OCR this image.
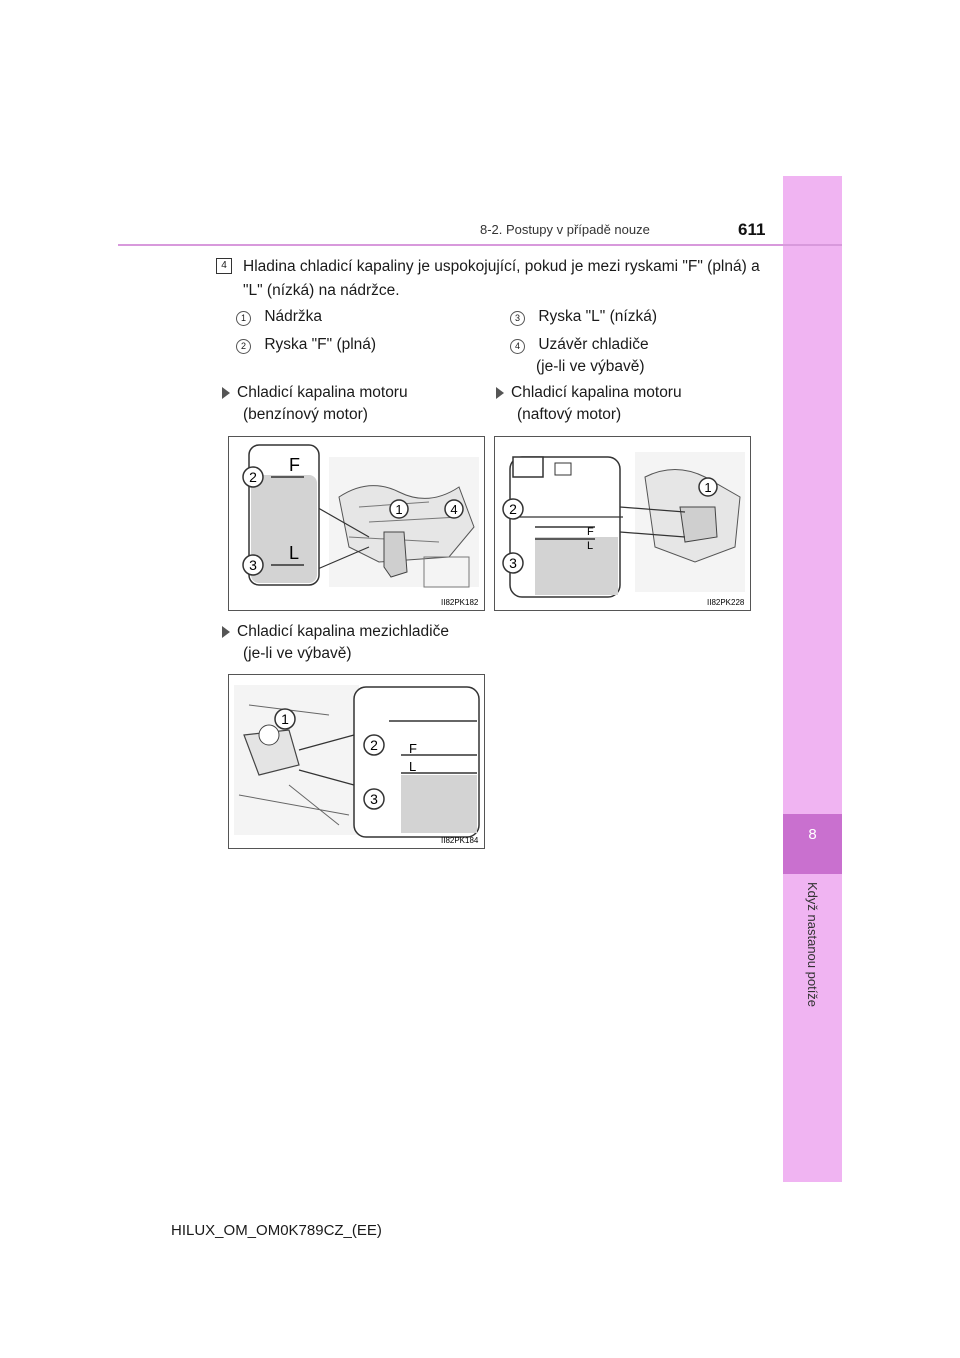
8
Když nastanou potíže
8-2. Postupy v případě nouze	611
4	Hladina chladicí kapaliny je uspokojující, pokud je mezi ryskami "F" (plná) a "L" (nízká) na nádržce.
1 Nádržka
2 Ryska "F" (plná)
3 Ryska "L" (nízká)
4 Uzávěr chladiče
(je-li ve výbavě)
Chladicí kapalina motoru
(benzínový motor)
Chladicí kapalina motoru
(naftový motor)
2
3
1	4
F
L
II82PK182
2
3
1
F
L
II82PK228
Chladicí kapalina mezichladiče
(je-li ve výbavě)
1
2
3
F
L
II82PK184
HILUX_OM_OM0K789CZ_(EE)
